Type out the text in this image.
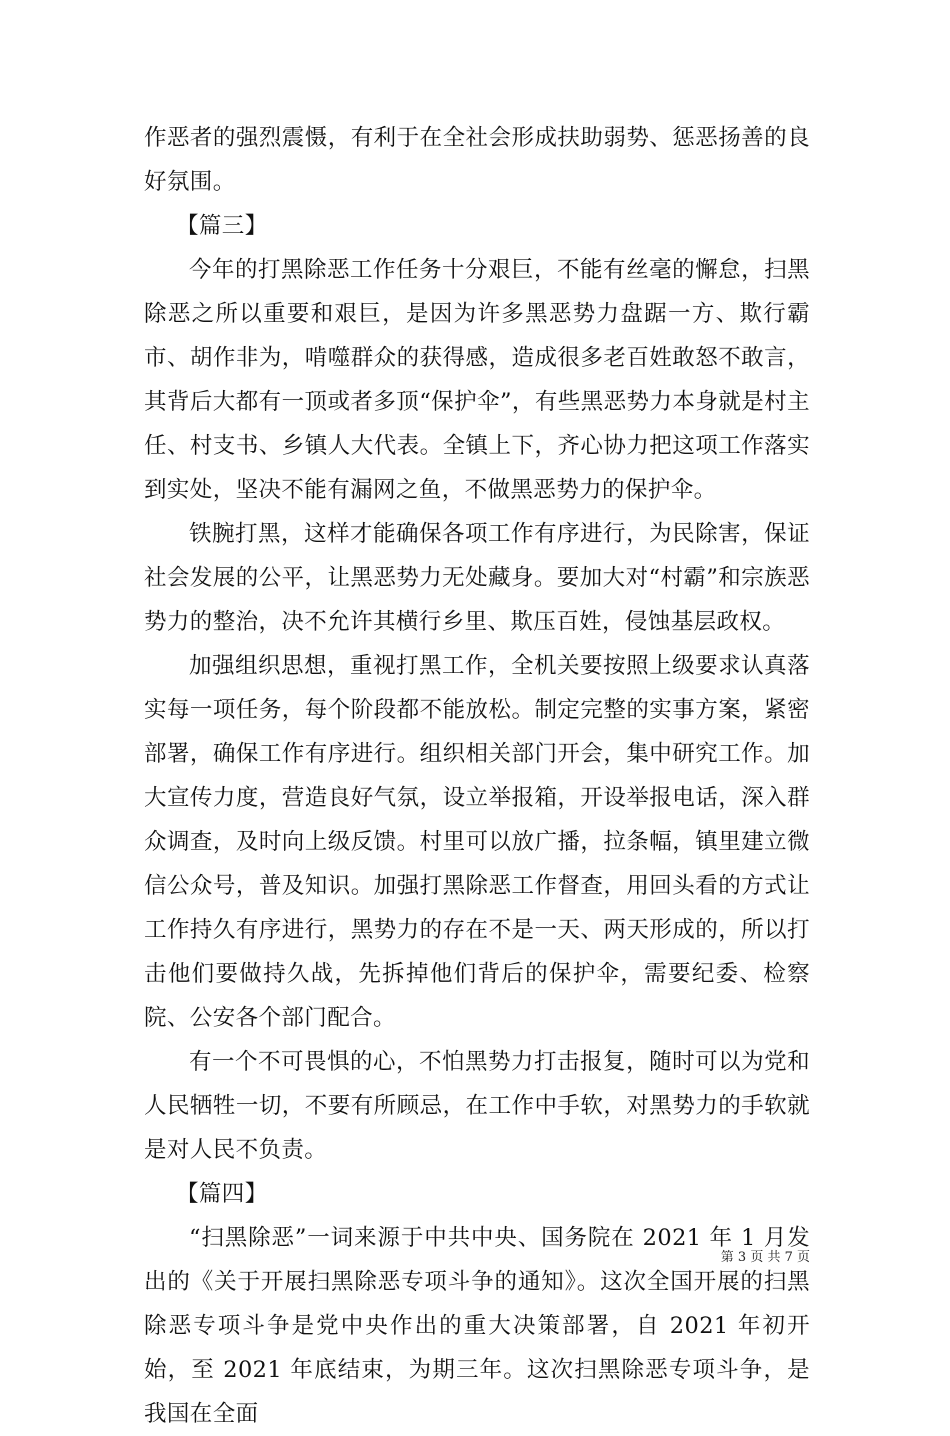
作恶者的强烈震慑，有利于在全社会形成扶助弱势、惩恶扬善的良好氛围。

【篇三】

今年的打黑除恶工作任务十分艰巨，不能有丝毫的懈怠，扫黑除恶之所以重要和艰巨，是因为许多黑恶势力盘踞一方、欺行霸市、胡作非为，啃噬群众的获得感，造成很多老百姓敢怒不敢言，其背后大都有一顶或者多顶“保护伞”，有些黑恶势力本身就是村主任、村支书、乡镇人大代表。全镇上下，齐心协力把这项工作落实到实处，坚决不能有漏网之鱼，不做黑恶势力的保护伞。

铁腕打黑，这样才能确保各项工作有序进行，为民除害，保证社会发展的公平，让黑恶势力无处藏身。要加大对“村霸”和宗族恶势力的整治，决不允许其横行乡里、欺压百姓，侵蚀基层政权。

加强组织思想，重视打黑工作，全机关要按照上级要求认真落实每一项任务，每个阶段都不能放松。制定完整的实事方案，紧密部署，确保工作有序进行。组织相关部门开会，集中研究工作。加大宣传力度，营造良好气氛，设立举报箱，开设举报电话，深入群众调查，及时向上级反馈。村里可以放广播，拉条幅，镇里建立微信公众号，普及知识。加强打黑除恶工作督查，用回头看的方式让工作持久有序进行，黑势力的存在不是一天、两天形成的，所以打击他们要做持久战，先拆掉他们背后的保护伞，需要纪委、检察院、公安各个部门配合。

有一个不可畏惧的心，不怕黑势力打击报复，随时可以为党和人民牺牲一切，不要有所顾忌，在工作中手软，对黑势力的手软就是对人民不负责。

【篇四】

“扫黑除恶”一词来源于中共中央、国务院在 2021 年 1 月发出的《关于开展扫黑除恶专项斗争的通知》。这次全国开展的扫黑除恶专项斗争是党中央作出的重大决策部署，自 2021 年初开始，至 2021 年底结束，为期三年。这次扫黑除恶专项斗争，是我国在全面

第 3 页 共 7 页
